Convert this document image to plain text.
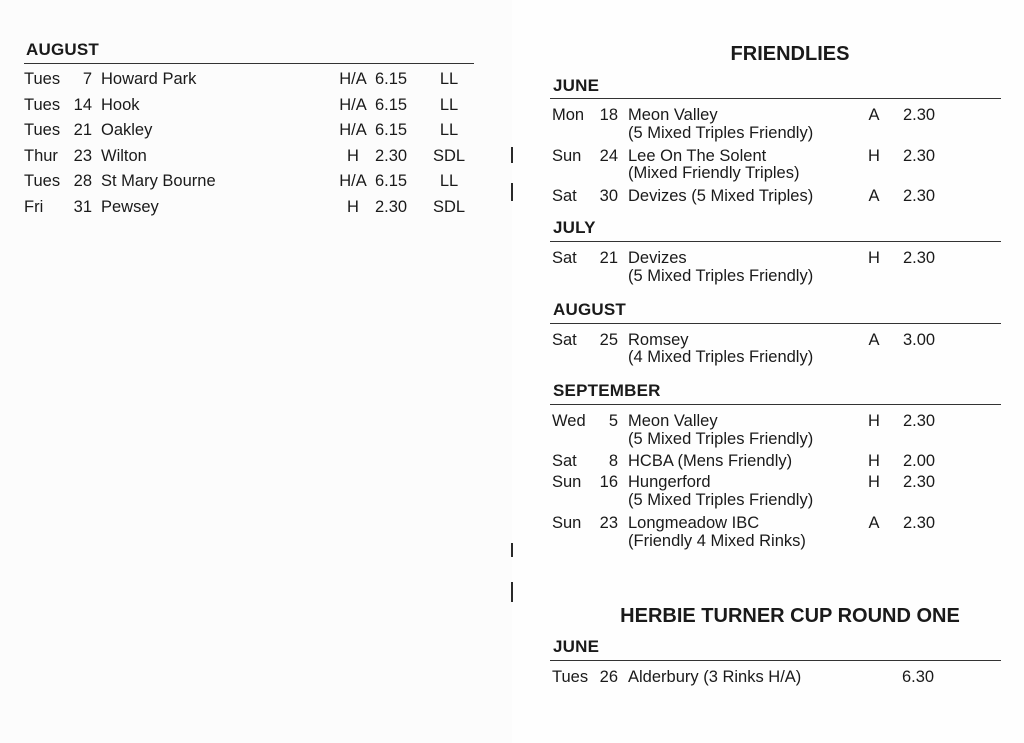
AUGUST
Tues	7 Howard Park	H/A 6.15	LL
Tues 14 Hook	H/A 6.15	LL
Tues 21 Oakley	H/A 6.15	LL
Thur 23 Wilton	H 2.30 SDL
Tues 28 St Mary Bourne	H/A 6.15	LL
Fri 31 Pewsey	H 2.30 SDL
FRIENDLIES
JUNE
Mon 18 Meon Valley	A 2.30
(5 Mixed Triples Friendly)
Sun	24 Lee On The Solent	H 2.30
(Mixed Friendly Triples)
Sat	30 Devizes (5 Mixed Triples)	A 2.30
JULY
Sat	21 Devizes	H 2.30
(5 Mixed Triples Friendly)
AUGUST
Sat	25 Romsey	A 3.00
(4 Mixed Triples Friendly)
SEPTEMBER
Wed	5 Meon Valley	H 2.30
(5 Mixed Triples Friendly)
Sat	8 HCBA (Mens Friendly)	H 2.00
Sun	16 Hungerford	H 2.30
(5 Mixed Triples Friendly)
Sun	23 Longmeadow IBC	A 2.30
(Friendly 4 Mixed Rinks)
HERBIE TURNER CUP ROUND ONE
JUNE
Tues 26 Alderbury (3 Rinks H/A)	6.30
